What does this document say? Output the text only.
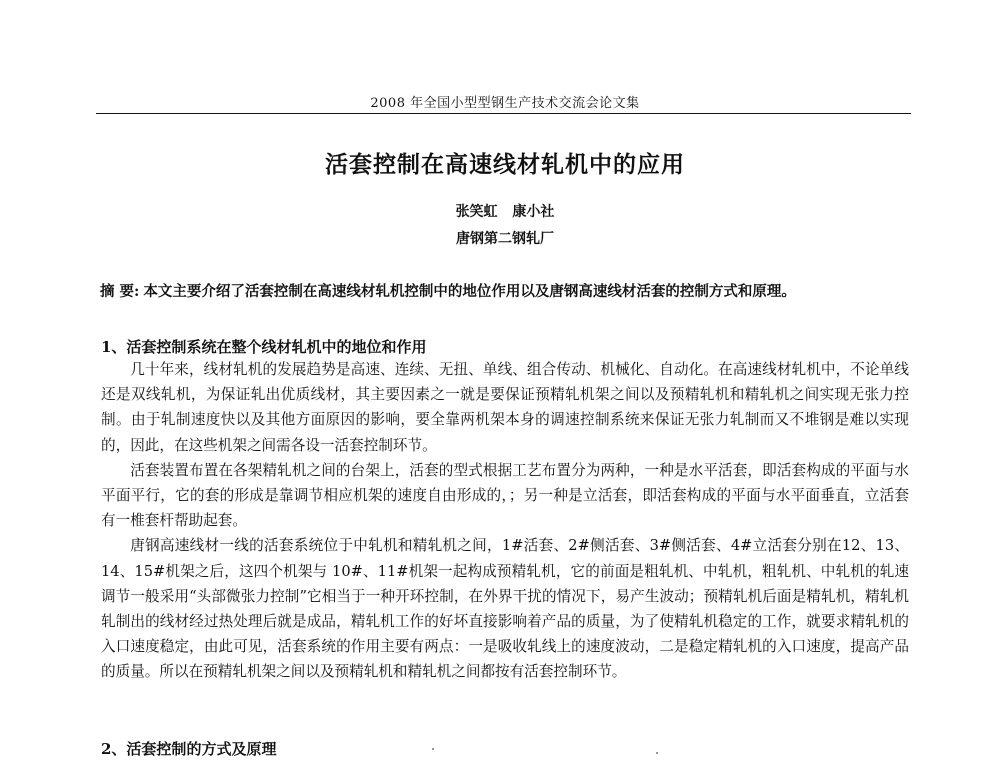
2008 年全国小型型钢生产技术交流会论文集
活套控制在高速线材轧机中的应用
张笑虹 康小社
唐钢第二钢轧厂
摘 要: 本文主要介绍了活套控制在高速线材轧机控制中的地位作用以及唐钢高速线材活套的控制方式和原理。
1、活套控制系统在整个线材轧机中的地位和作用

几十年来，线材轧机的发展趋势是高速、连续、无扭、单线、组合传动、机械化、自动化。在高速线材轧机中，不论单线还是双线轧机，为保证轧出优质线材，其主要因素之一就是要保证预精轧机架之间以及预精轧机和精轧机之间实现无张力控制。由于轧制速度快以及其他方面原因的影响，要全靠两机架本身的调速控制系统来保证无张力轧制而又不堆钢是难以实现的，因此，在这些机架之间需各设一活套控制环节。

活套装置布置在各架精轧机之间的台架上，活套的型式根据工艺布置分为两种，一种是水平活套，即活套构成的平面与水平面平行，它的套的形成是靠调节相应机架的速度自由形成的，；另一种是立活套，即活套构成的平面与水平面垂直，立活套有一椎套杆帮助起套。

唐钢高速线材一线的活套系统位于中轧机和精轧机之间，1#活套、2#侧活套、3#侧活套、4#立活套分别在12、13、14、15#机架之后，这四个机架与 10#、11#机架一起构成预精轧机，它的前面是粗轧机、中轧机，粗轧机、中轧机的轧速调节一般采用“头部微张力控制”它相当于一种开环控制，在外界干扰的情况下，易产生波动；预精轧机后面是精轧机，精轧机轧制出的线材经过热处理后就是成品，精轧机工作的好坏直接影响着产品的质量，为了使精轧机稳定的工作，就要求精轧机的入口速度稳定，由此可见，活套系统的作用主要有两点：一是吸收轧线上的速度波动，二是稳定精轧机的入口速度，提高产品的质量。所以在预精轧机架之间以及预精轧机和精轧机之间都按有活套控制环节。

2、活套控制的方式及原理
